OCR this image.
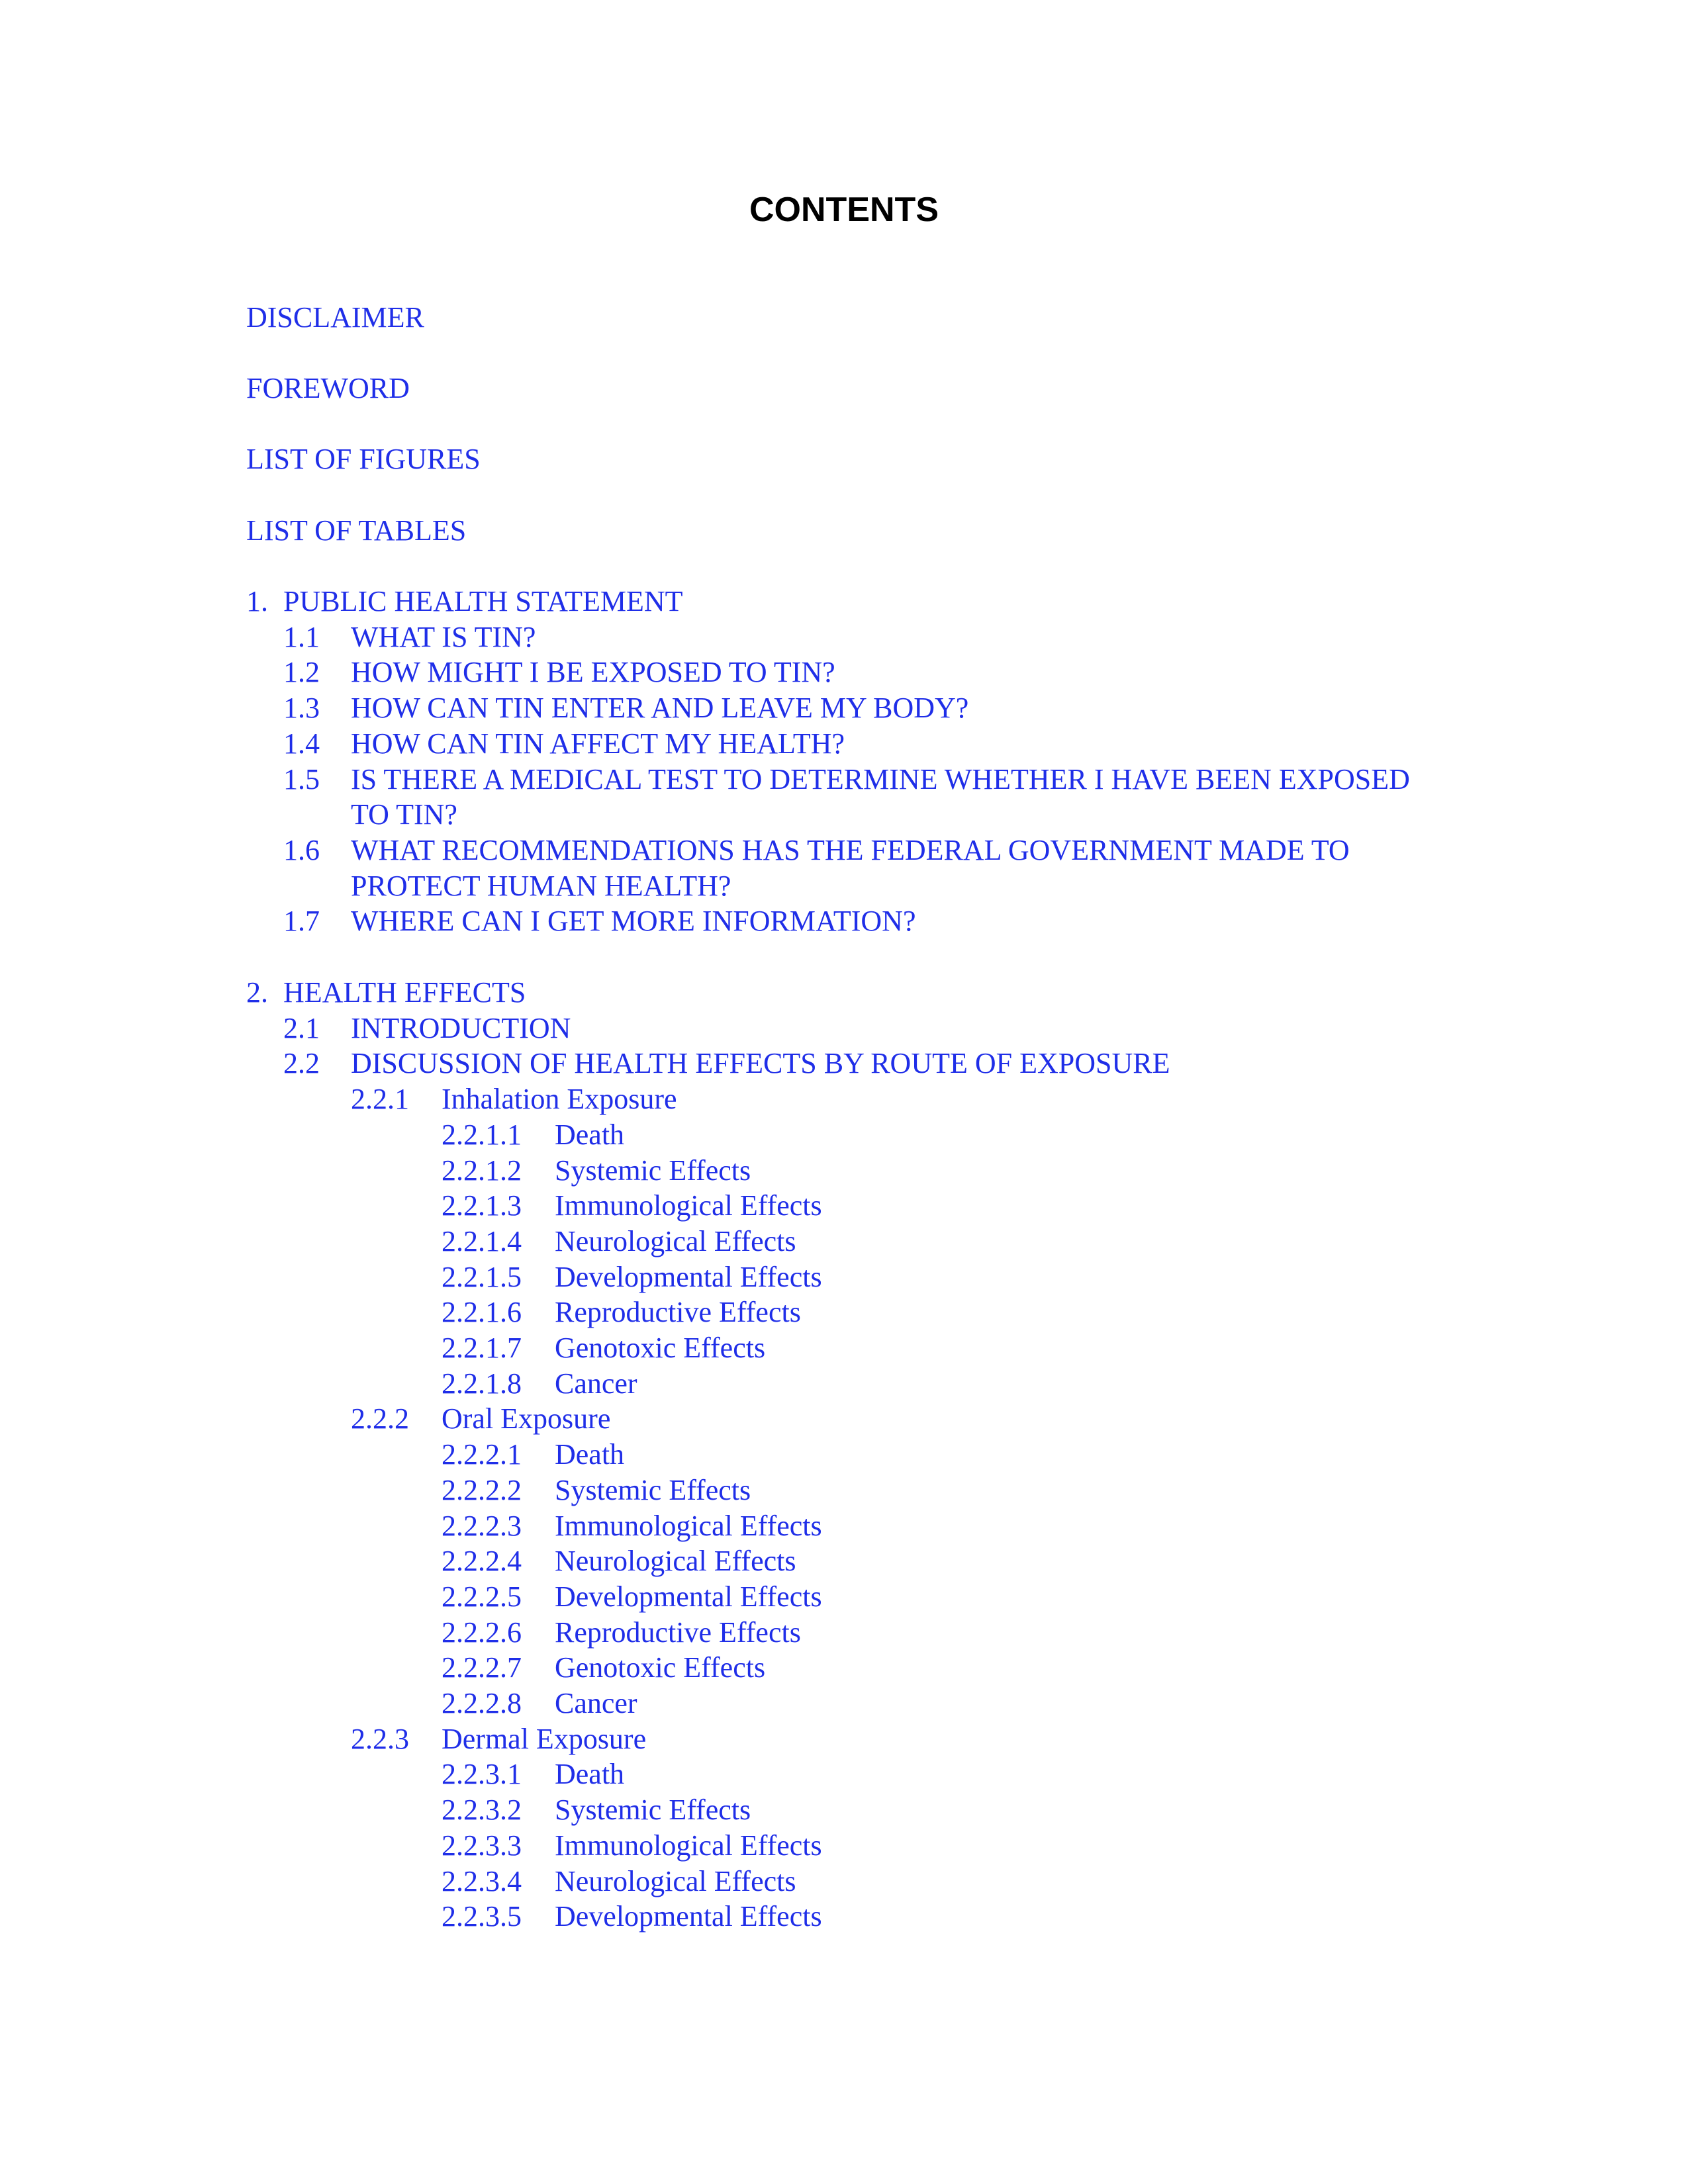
CONTENTS
DISCLAIMER
FOREWORD
LIST OF FIGURES
LIST OF TABLES
1. PUBLIC HEALTH STATEMENT
1.1 WHAT IS TIN?
1.2 HOW MIGHT I BE EXPOSED TO TIN?
1.3 HOW CAN TIN ENTER AND LEAVE MY BODY?
1.4 HOW CAN TIN AFFECT MY HEALTH?
1.5 IS THERE A MEDICAL TEST TO DETERMINE WHETHER I HAVE BEEN EXPOSED
TO TIN?
1.6 WHAT RECOMMENDATIONS HAS THE FEDERAL GOVERNMENT MADE TO
PROTECT HUMAN HEALTH?
1.7 WHERE CAN I GET MORE INFORMATION?
2. HEALTH EFFECTS
2.1 INTRODUCTION
2.2 DISCUSSION OF HEALTH EFFECTS BY ROUTE OF EXPOSURE
2.2.1 Inhalation Exposure
2.2.1.1 Death
2.2.1.2 Systemic Effects
2.2.1.3 Immunological Effects
2.2.1.4 Neurological Effects
2.2.1.5 Developmental Effects
2.2.1.6 Reproductive Effects
2.2.1.7 Genotoxic Effects
2.2.1.8 Cancer
2.2.2 Oral Exposure
2.2.2.1 Death
2.2.2.2 Systemic Effects
2.2.2.3 Immunological Effects
2.2.2.4 Neurological Effects
2.2.2.5 Developmental Effects
2.2.2.6 Reproductive Effects
2.2.2.7 Genotoxic Effects
2.2.2.8 Cancer
2.2.3 Dermal Exposure
2.2.3.1 Death
2.2.3.2 Systemic Effects
2.2.3.3 Immunological Effects
2.2.3.4 Neurological Effects
2.2.3.5 Developmental Effects
